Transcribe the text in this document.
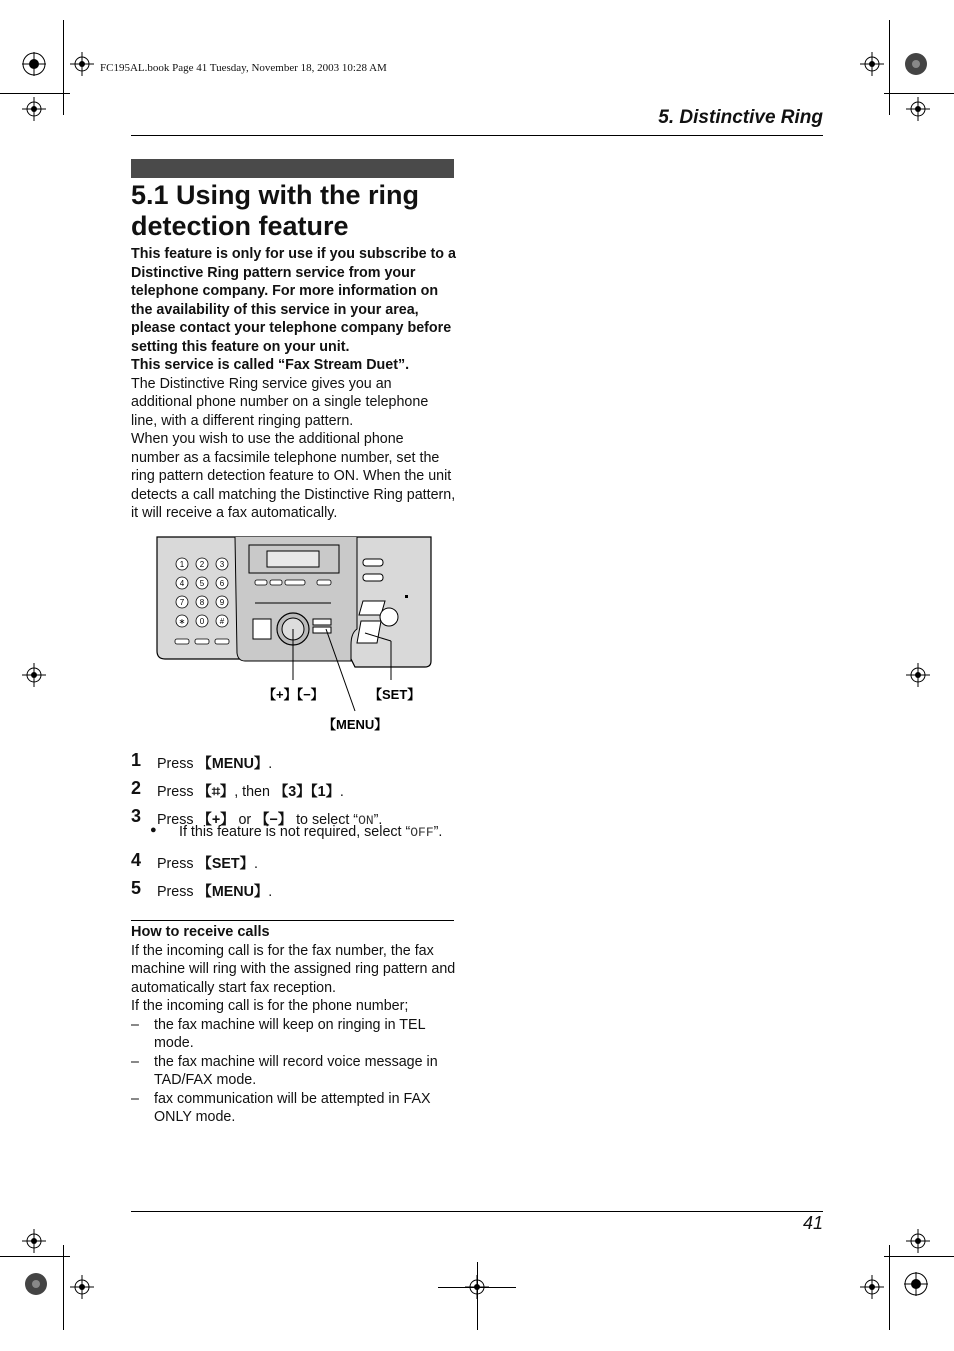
FC195AL.book Page 41 Tuesday, November 18, 2003 10:28 AM
5. Distinctive Ring
5.1 Using with the ring detection feature

This feature is only for use if you subscribe to a Distinctive Ring pattern service from your telephone company. For more information on the availability of this service in your area, please contact your telephone company before setting this feature on your unit.

This service is called “Fax Stream Duet”.

The Distinctive Ring service gives you an additional phone number on a single telephone line, with a different ringing pattern.

When you wish to use the additional phone number as a facsimile telephone number, set the ring pattern detection feature to ON. When the unit detects a call matching the Distinctive Ring pattern, it will receive a fax automatically.

1 2 3
4 5 6
7 8 9
∗ 0 #
【+】【−】	【SET】
【MENU】
1 Press 【MENU】.
2 Press 【⌗】, then 【3】【1】.
3 Press 【+】 or 【−】 to select “ON”.
● If this feature is not required, select “OFF”.
4 Press 【SET】.
5 Press 【MENU】.

How to receive calls

If the incoming call is for the fax number, the fax machine will ring with the assigned ring pattern and automatically start fax reception.

If the incoming call is for the phone number;

– the fax machine will keep on ringing in TEL mode.
– the fax machine will record voice message in TAD/FAX mode.
– fax communication will be attempted in FAX ONLY mode.
41
